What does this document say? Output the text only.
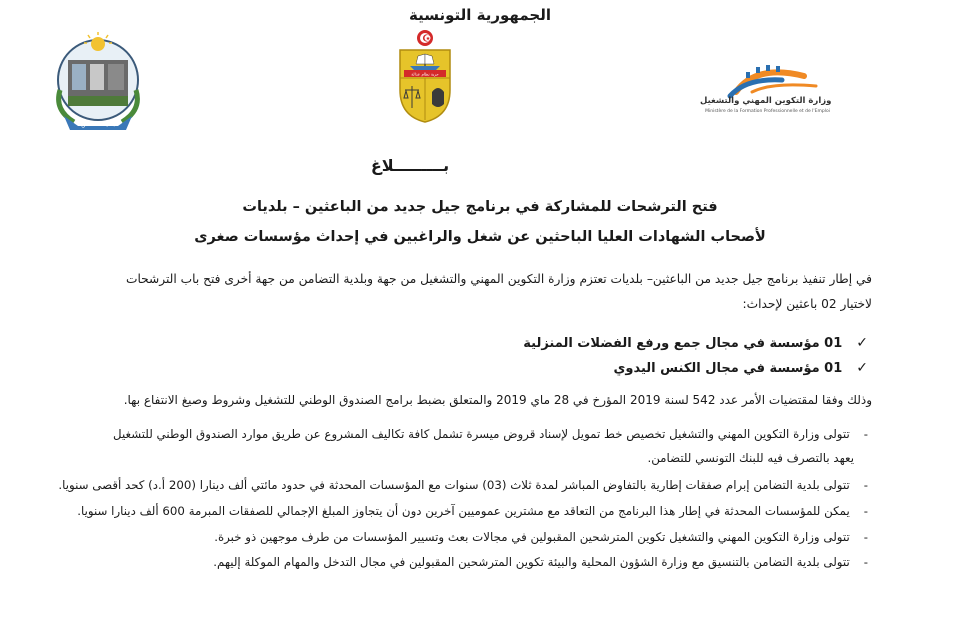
الجمهورية التونسية
بلدية التضامن
حرية نظام عدالة
وزارة التكوين المهني والتشغيل
Ministère de la Formation Professionnelle et de l'Emploi
بـــــــــلاغ
فتح الترشحات للمشاركة في برنامج جيل جديد من الباعثين – بلديات
لأصحاب الشهادات العليا الباحثين عن شغل والراغبين في إحداث مؤسسات صغرى
في إطار تنفيذ برنامج جيل جديد من الباعثين– بلديات تعتزم وزارة التكوين المهني والتشغيل من جهة وبلدية التضامن من جهة أخرى فتح باب الترشحات
لاختيار 02 باعثين لإحداث:
✓01 مؤسسة في مجال جمع ورفع الفضلات المنزلية
✓01 مؤسسة في مجال الكنس اليدوي
وذلك وفقا لمقتضيات الأمر عدد 542 لسنة 2019 المؤرخ في 28 ماي 2019 والمتعلق بضبط برامج الصندوق الوطني للتشغيل وشروط وصيغ الانتفاع بها.
-تتولى وزارة التكوين المهني والتشغيل تخصيص خط تمويل لإسناد قروض ميسرة تشمل كافة تكاليف المشروع عن طريق موارد الصندوق الوطني للتشغيل
يعهد بالتصرف فيه للبنك التونسي للتضامن.
-تتولى بلدية التضامن إبرام صفقات إطارية بالتفاوض المباشر لمدة ثلاث (03) سنوات مع المؤسسات المحدثة في حدود مائتي ألف دينارا (200 أ.د) كحد أقصى سنويا.
-يمكن للمؤسسات المحدثة في إطار هذا البرنامج من التعاقد مع مشترين عموميين آخرين دون أن يتجاوز المبلغ الإجمالي للصفقات المبرمة 600 ألف دينارا سنويا.
-تتولى وزارة التكوين المهني والتشغيل تكوين المترشحين المقبولين في مجالات بعث وتسيير المؤسسات من طرف موجهين ذو خبرة.
-تتولى بلدية التضامن بالتنسيق مع وزارة الشؤون المحلية والبيئة تكوين المترشحين المقبولين في مجال التدخل والمهام الموكلة إليهم.
